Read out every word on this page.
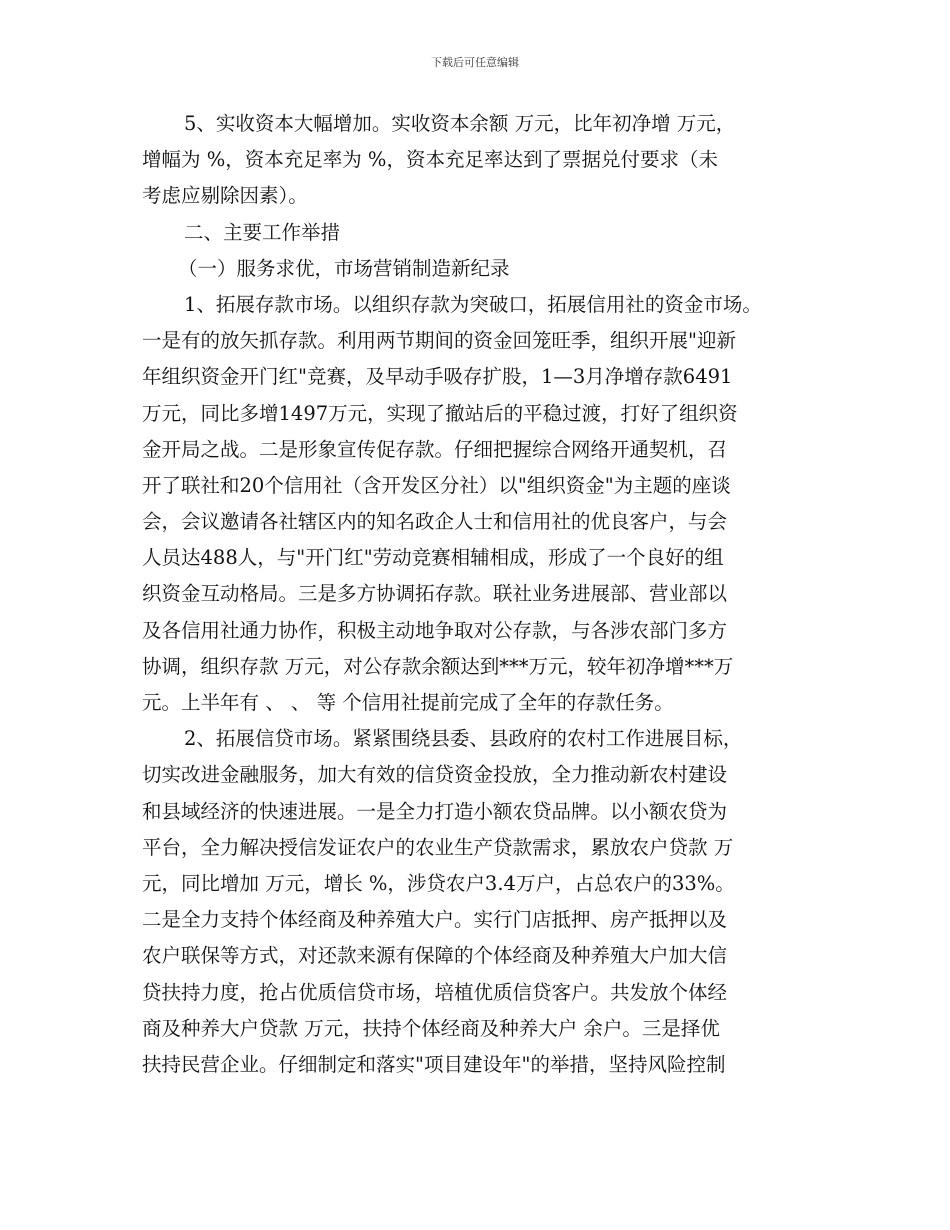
下载后可任意编辑
5、实收资本大幅增加。实收资本余额 万元，比年初净增 万元，
增幅为 %，资本充足率为 %，资本充足率达到了票据兑付要求（未
考虑应剔除因素）。
二、主要工作举措
（一）服务求优，市场营销制造新纪录
1、拓展存款市场。以组织存款为突破口，拓展信用社的资金市场。
一是有的放矢抓存款。利用两节期间的资金回笼旺季，组织开展"迎新
年组织资金开门红"竞赛，及早动手吸存扩股，1—3月净增存款6491
万元，同比多增1497万元，实现了撤站后的平稳过渡，打好了组织资
金开局之战。二是形象宣传促存款。仔细把握综合网络开通契机，召
开了联社和20个信用社（含开发区分社）以"组织资金"为主题的座谈
会，会议邀请各社辖区内的知名政企人士和信用社的优良客户，与会
人员达488人，与"开门红"劳动竞赛相辅相成，形成了一个良好的组
织资金互动格局。三是多方协调拓存款。联社业务进展部、营业部以
及各信用社通力协作，积极主动地争取对公存款，与各涉农部门多方
协调，组织存款 万元，对公存款余额达到***万元，较年初净增***万
元。上半年有 、 、 等 个信用社提前完成了全年的存款任务。
2、拓展信贷市场。紧紧围绕县委、县政府的农村工作进展目标，
切实改进金融服务，加大有效的信贷资金投放，全力推动新农村建设
和县域经济的快速进展。一是全力打造小额农贷品牌。以小额农贷为
平台，全力解决授信发证农户的农业生产贷款需求，累放农户贷款 万
元，同比增加 万元，增长 %，涉贷农户3.4万户，占总农户的33%。
二是全力支持个体经商及种养殖大户。实行门店抵押、房产抵押以及
农户联保等方式，对还款来源有保障的个体经商及种养殖大户加大信
贷扶持力度，抢占优质信贷市场，培植优质信贷客户。共发放个体经
商及种养大户贷款 万元，扶持个体经商及种养大户 余户。三是择优
扶持民营企业。仔细制定和落实"项目建设年"的举措，坚持风险控制
